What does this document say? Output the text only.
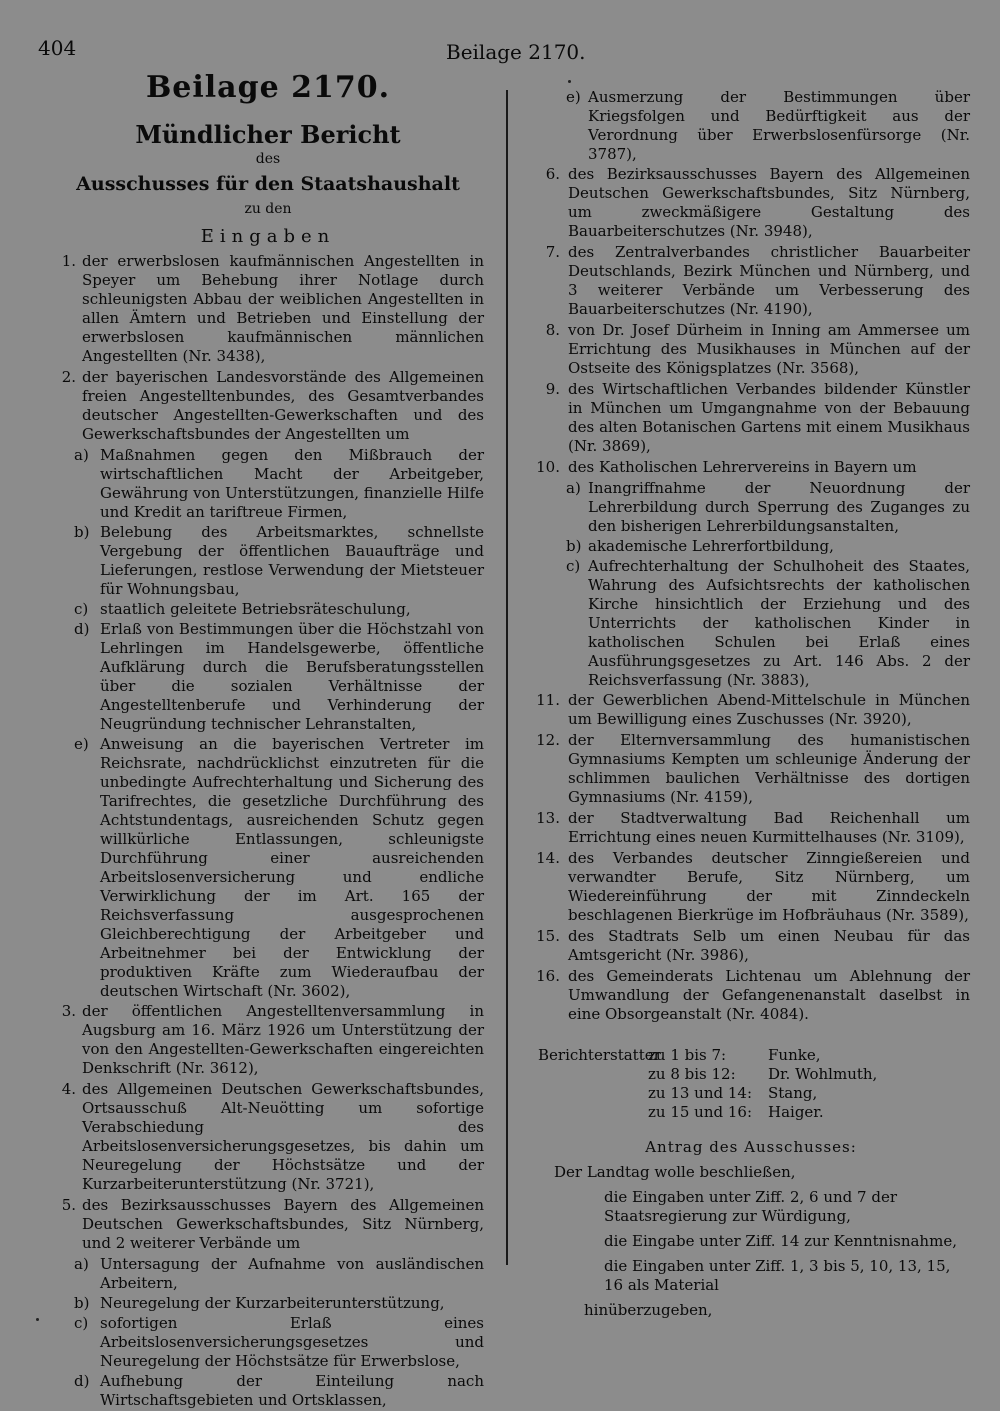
404	Beilage 2170.
Beilage 2170.
Mündlicher Bericht
des
Ausschusses für den Staatshaushalt
zu den
Eingaben
1. der erwerbslosen kaufmännischen Angestellten in Speyer um Behebung ihrer Notlage durch schleunigsten Abbau der weiblichen Angestellten in allen Ämtern und Betrieben und Einstellung der erwerbslosen kaufmännischen männlichen Angestellten (Nr. 3438),
2. der bayerischen Landesvorstände des Allgemeinen freien Angestelltenbundes, des Gesamtverbandes deutscher Angestellten-Gewerkschaften und des Gewerkschaftsbundes der Angestellten um
a) Maßnahmen gegen den Mißbrauch der wirtschaftlichen Macht der Arbeitgeber, Gewährung von Unterstützungen, finanzielle Hilfe und Kredit an tariftreue Firmen,
b) Belebung des Arbeitsmarktes, schnellste Vergebung der öffentlichen Bauaufträge und Lieferungen, restlose Verwendung der Mietsteuer für Wohnungsbau,
c) staatlich geleitete Betriebsräteschulung,
d) Erlaß von Bestimmungen über die Höchstzahl von Lehrlingen im Handelsgewerbe, öffentliche Aufklärung durch die Berufsberatungsstellen über die sozialen Verhältnisse der Angestelltenberufe und Verhinderung der Neugründung technischer Lehranstalten,
e) Anweisung an die bayerischen Vertreter im Reichsrate, nachdrücklichst einzutreten für die unbedingte Aufrechterhaltung und Sicherung des Tarifrechtes, die gesetzliche Durchführung des Achtstundentags, ausreichenden Schutz gegen willkürliche Entlassungen, schleunigste Durchführung einer ausreichenden Arbeitslosenversicherung und endliche Verwirklichung der im Art. 165 der Reichsverfassung ausgesprochenen Gleichberechtigung der Arbeitgeber und Arbeitnehmer bei der Entwicklung der produktiven Kräfte zum Wiederaufbau der deutschen Wirtschaft (Nr. 3602),
3. der öffentlichen Angestelltenversammlung in Augsburg am 16. März 1926 um Unterstützung der von den Angestellten-Gewerkschaften eingereichten Denkschrift (Nr. 3612),
4. des Allgemeinen Deutschen Gewerkschaftsbundes, Ortsausschuß Alt-Neuötting um sofortige Verabschiedung des Arbeitslosenversicherungsgesetzes, bis dahin um Neuregelung der Höchstsätze und der Kurzarbeiterunterstützung (Nr. 3721),
5. des Bezirksausschusses Bayern des Allgemeinen Deutschen Gewerkschaftsbundes, Sitz Nürnberg, und 2 weiterer Verbände um
a) Untersagung der Aufnahme von ausländischen Arbeitern,
b) Neuregelung der Kurzarbeiterunterstützung,
c) sofortigen Erlaß eines Arbeitslosenversicherungsgesetzes und Neuregelung der Höchstsätze für Erwerbslose,
d) Aufhebung der Einteilung nach Wirtschaftsgebieten und Ortsklassen,
e) Ausmerzung der Bestimmungen über Kriegsfolgen und Bedürftigkeit aus der Verordnung über Erwerbslosenfürsorge (Nr. 3787),
6. des Bezirksausschusses Bayern des Allgemeinen Deutschen Gewerkschaftsbundes, Sitz Nürnberg, um zweckmäßigere Gestaltung des Bauarbeiterschutzes (Nr. 3948),
7. des Zentralverbandes christlicher Bauarbeiter Deutschlands, Bezirk München und Nürnberg, und 3 weiterer Verbände um Verbesserung des Bauarbeiterschutzes (Nr. 4190),
8. von Dr. Josef Dürheim in Inning am Ammersee um Errichtung des Musikhauses in München auf der Ostseite des Königsplatzes (Nr. 3568),
9. des Wirtschaftlichen Verbandes bildender Künstler in München um Umgangnahme von der Bebauung des alten Botanischen Gartens mit einem Musikhaus (Nr. 3869),
10. des Katholischen Lehrervereins in Bayern um
a) Inangriffnahme der Neuordnung der Lehrerbildung durch Sperrung des Zuganges zu den bisherigen Lehrerbildungsanstalten,
b) akademische Lehrerfortbildung,
c) Aufrechterhaltung der Schulhoheit des Staates, Wahrung des Aufsichtsrechts der katholischen Kirche hinsichtlich der Erziehung und des Unterrichts der katholischen Kinder in katholischen Schulen bei Erlaß eines Ausführungsgesetzes zu Art. 146 Abs. 2 der Reichsverfassung (Nr. 3883),
11. der Gewerblichen Abend-Mittelschule in München um Bewilligung eines Zuschusses (Nr. 3920),
12. der Elternversammlung des humanistischen Gymnasiums Kempten um schleunige Änderung der schlimmen baulichen Verhältnisse des dortigen Gymnasiums (Nr. 4159),
13. der Stadtverwaltung Bad Reichenhall um Errichtung eines neuen Kurmittelhauses (Nr. 3109),
14. des Verbandes deutscher Zinngießereien und verwandter Berufe, Sitz Nürnberg, um Wiedereinführung der mit Zinndeckeln beschlagenen Bierkrüge im Hofbräuhaus (Nr. 3589),
15. des Stadtrats Selb um einen Neubau für das Amtsgericht (Nr. 3986),
16. des Gemeinderats Lichtenau um Ablehnung der Umwandlung der Gefangenenanstalt daselbst in eine Obsorgeanstalt (Nr. 4084).
Berichterstatter
zu 1 bis 7:	Funke,
zu 8 bis 12:	Dr. Wohlmuth,
zu 13 und 14:	Stang,
zu 15 und 16:	Haiger.
Antrag des Ausschusses:

Der Landtag wolle beschließen,

die Eingaben unter Ziff. 2, 6 und 7 der Staatsregierung zur Würdigung,

die Eingabe unter Ziff. 14 zur Kenntnisnahme,

die Eingaben unter Ziff. 1, 3 bis 5, 10, 13, 15, 16 als Material

hinüberzugeben,
